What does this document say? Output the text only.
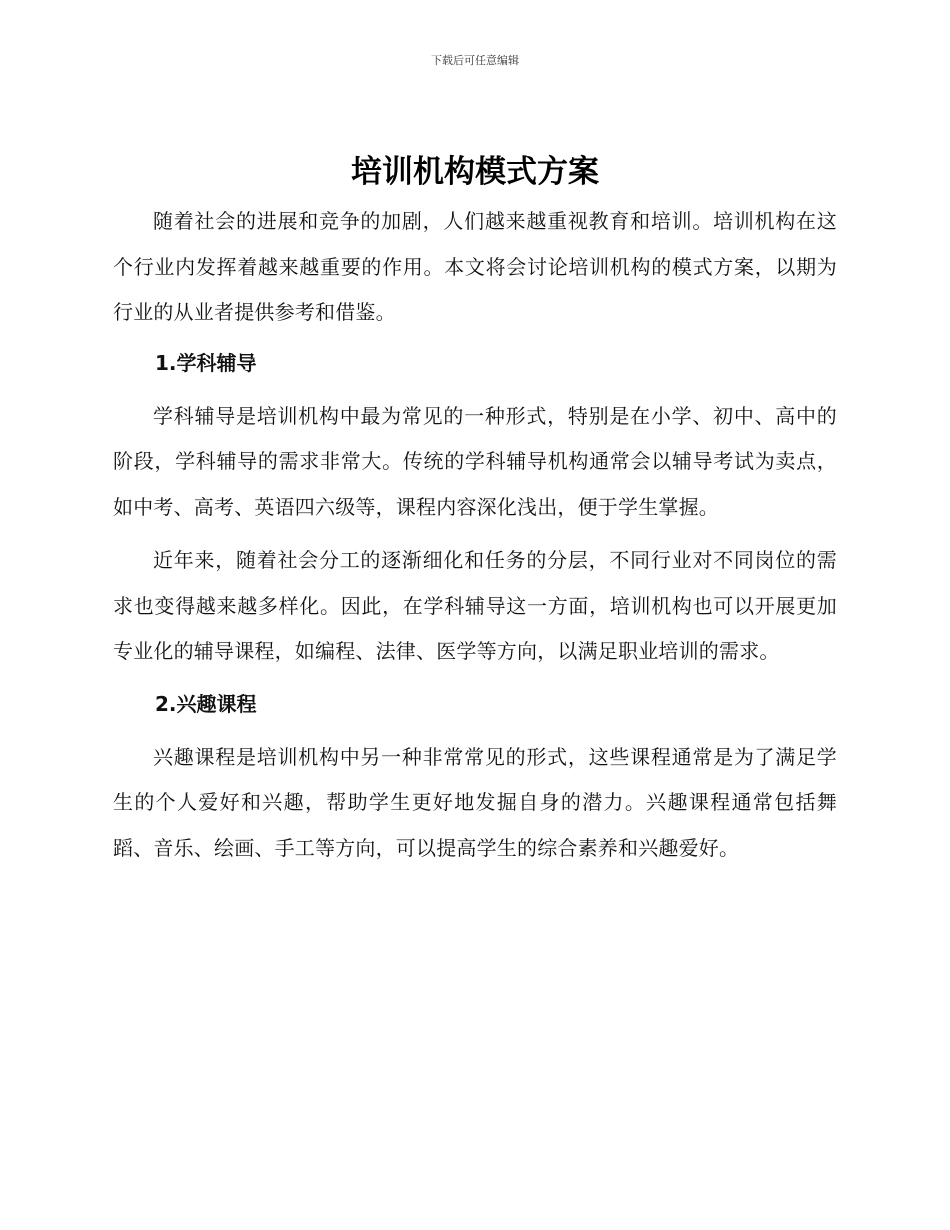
下载后可任意编辑
培训机构模式方案

随着社会的进展和竞争的加剧，人们越来越重视教育和培训。培训机构在这个行业内发挥着越来越重要的作用。本文将会讨论培训机构的模式方案，以期为行业的从业者提供参考和借鉴。

1.学科辅导

学科辅导是培训机构中最为常见的一种形式，特别是在小学、初中、高中的阶段，学科辅导的需求非常大。传统的学科辅导机构通常会以辅导考试为卖点，如中考、高考、英语四六级等，课程内容深化浅出，便于学生掌握。

近年来，随着社会分工的逐渐细化和任务的分层，不同行业对不同岗位的需求也变得越来越多样化。因此，在学科辅导这一方面，培训机构也可以开展更加专业化的辅导课程，如编程、法律、医学等方向，以满足职业培训的需求。

2.兴趣课程

兴趣课程是培训机构中另一种非常常见的形式，这些课程通常是为了满足学生的个人爱好和兴趣，帮助学生更好地发掘自身的潜力。兴趣课程通常包括舞蹈、音乐、绘画、手工等方向，可以提高学生的综合素养和兴趣爱好。
